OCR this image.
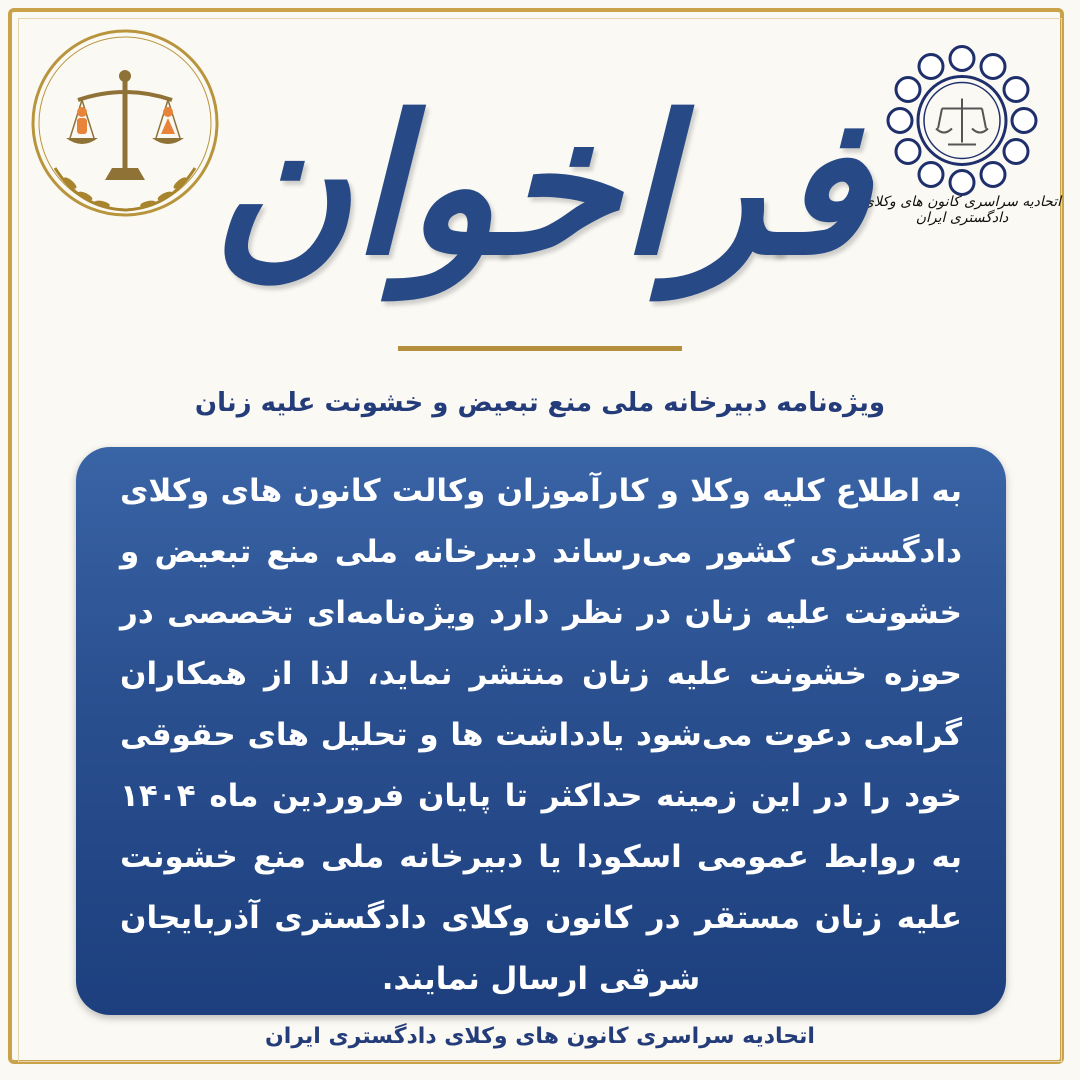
اتحادیه سراسری کانون های وکلای دادگستری ایران
فراخوان
ویژه‌نامه دبیرخانه ملی منع تبعیض و خشونت علیه زنان

به اطلاع کلیه وکلا و کارآموزان وکالت کانون های وکلای دادگستری کشور می‌رساند دبیرخانه ملی منع تبعیض و خشونت علیه زنان در نظر دارد ویژه‌نامه‌ای تخصصی در حوزه خشونت علیه زنان منتشر نماید، لذا از همکاران گرامی دعوت می‌شود یادداشت ها و تحلیل های حقوقی خود را در این زمینه حداکثر تا پایان فروردین ماه ۱۴۰۴ به روابط عمومی اسکودا یا دبیرخانه ملی منع خشونت علیه زنان مستقر در کانون وکلای دادگستری آذربایجان شرقی ارسال نمایند.

اتحادیه سراسری کانون های وکلای دادگستری ایران
